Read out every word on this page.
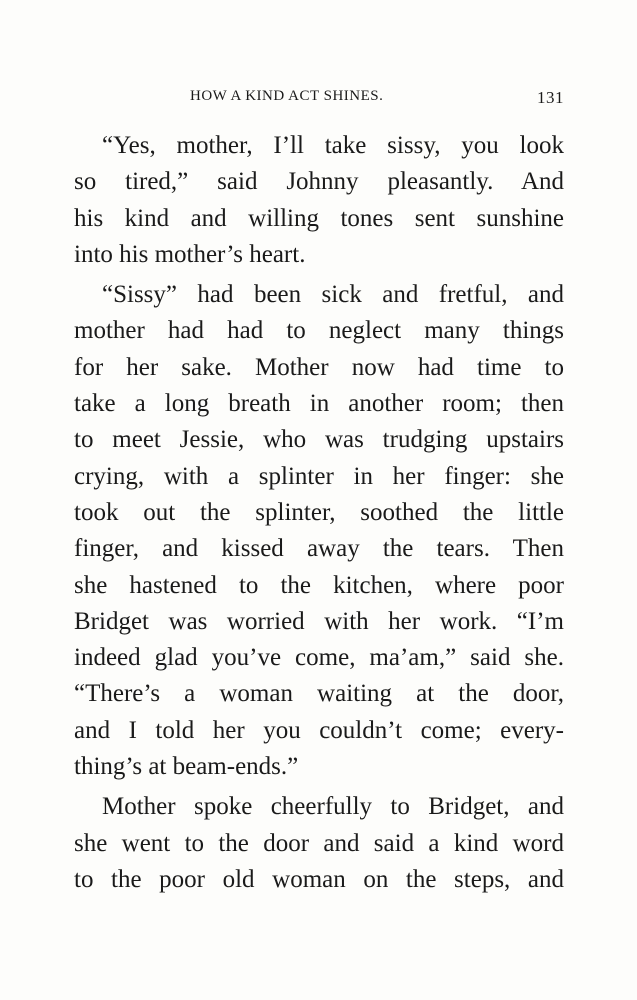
HOW A KIND ACT SHINES.	131

“Yes, mother, I’ll take sissy, you look
so tired,” said Johnny pleasantly. And
his kind and willing tones sent sunshine
into his mother’s heart.

“Sissy” had been sick and fretful, and
mother had had to neglect many things
for her sake. Mother now had time to
take a long breath in another room; then
to meet Jessie, who was trudging upstairs
crying, with a splinter in her finger: she
took out the splinter, soothed the little
finger, and kissed away the tears. Then
she hastened to the kitchen, where poor
Bridget was worried with her work. “I’m
indeed glad you’ve come, ma’am,” said she.
“There’s a woman waiting at the door,
and I told her you couldn’t come; every-
thing’s at beam-ends.”

Mother spoke cheerfully to Bridget, and
she went to the door and said a kind word
to the poor old woman on the steps, and
